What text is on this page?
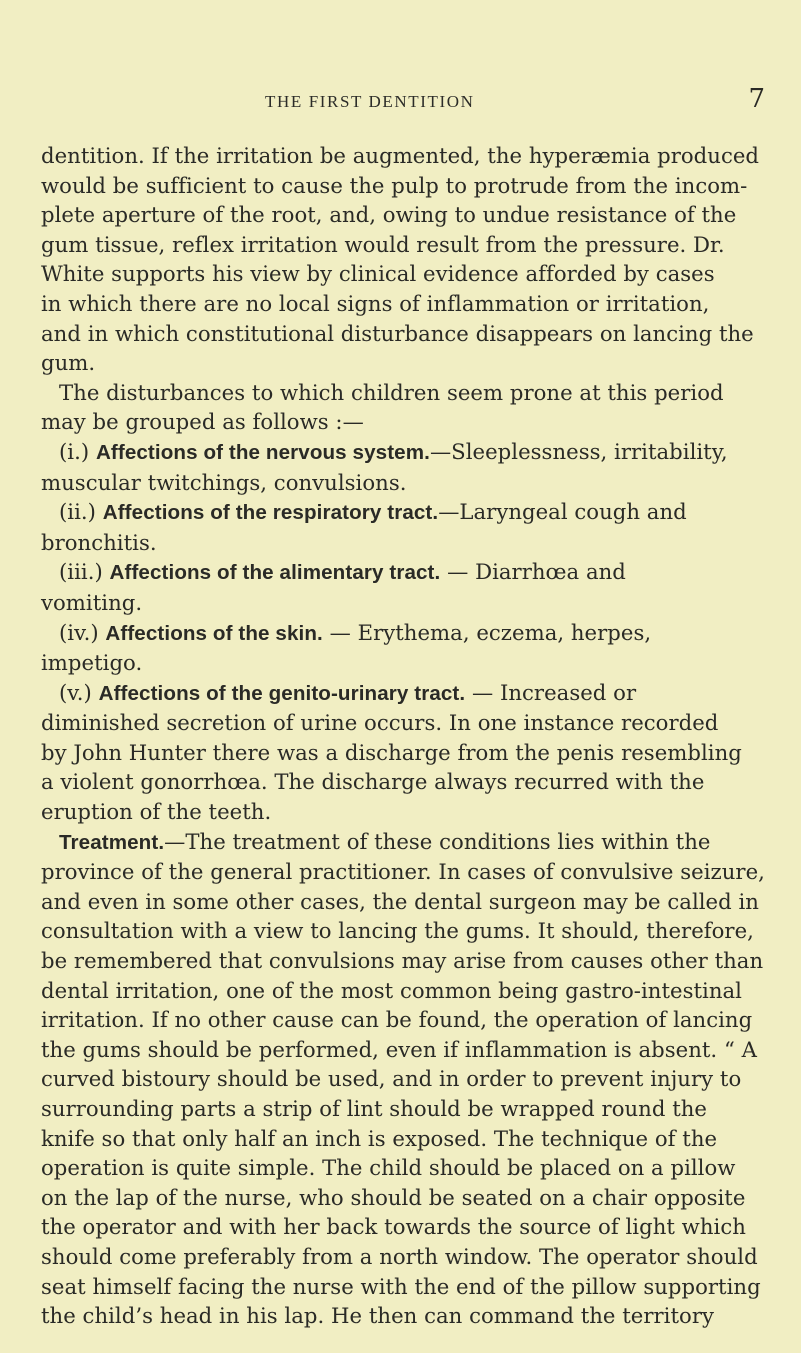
THE FIRST DENTITION	7

dentition. If the irritation be augmented, the hyperæmia produced
would be sufficient to cause the pulp to protrude from the incom-
plete aperture of the root, and, owing to undue resistance of the
gum tissue, reflex irritation would result from the pressure. Dr.
White supports his view by clinical evidence afforded by cases
in which there are no local signs of inflammation or irritation,
and in which constitutional disturbance disappears on lancing the
gum.

The disturbances to which children seem prone at this period
may be grouped as follows :—

(i.) Affections of the nervous system.—Sleeplessness, irritability,
muscular twitchings, convulsions.

(ii.) Affections of the respiratory tract.—Laryngeal cough and
bronchitis.

(iii.) Affections of the alimentary tract. — Diarrhœa and
vomiting.

(iv.) Affections of the skin. — Erythema, eczema, herpes,
impetigo.

(v.) Affections of the genito-urinary tract. — Increased or
diminished secretion of urine occurs. In one instance recorded
by John Hunter there was a discharge from the penis resembling
a violent gonorrhœa. The discharge always recurred with the
eruption of the teeth.

Treatment.—The treatment of these conditions lies within the
province of the general practitioner. In cases of convulsive seizure,
and even in some other cases, the dental surgeon may be called in
consultation with a view to lancing the gums. It should, therefore,
be remembered that convulsions may arise from causes other than
dental irritation, one of the most common being gastro-intestinal
irritation. If no other cause can be found, the operation of lancing
the gums should be performed, even if inflammation is absent. “ A
curved bistoury should be used, and in order to prevent injury to
surrounding parts a strip of lint should be wrapped round the
knife so that only half an inch is exposed. The technique of the
operation is quite simple. The child should be placed on a pillow
on the lap of the nurse, who should be seated on a chair opposite
the operator and with her back towards the source of light which
should come preferably from a north window. The operator should
seat himself facing the nurse with the end of the pillow supporting
the child’s head in his lap. He then can command the territory
